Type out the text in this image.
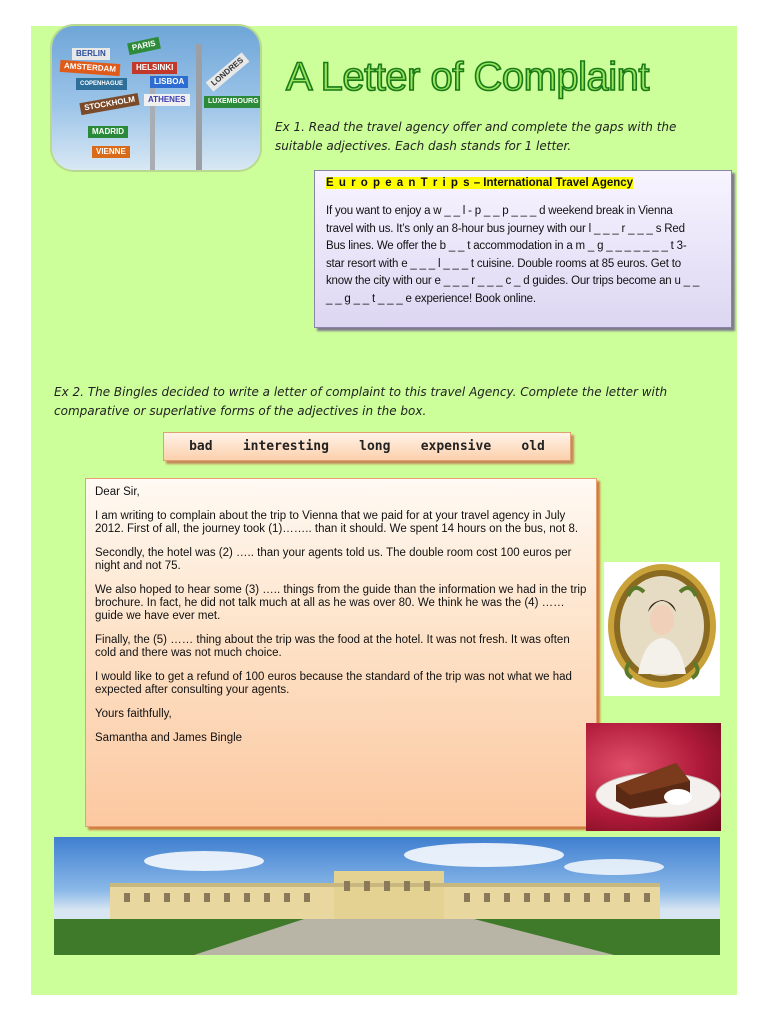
BERLIN
PARIS
AMSTERDAM	HELSINKI	LONDRES
COPENHAGUE	LISBOA
STOCKHOLM	ATHENES	LUXEMBOURG
MADRID
VIENNE
A Letter of Complaint
Ex 1. Read the travel agency offer and complete the gaps with the suitable adjectives. Each dash stands for 1 letter.
E u r o p e a n T r i p s – International Travel Agency
If you want to enjoy a w _ _ l - p _ _ p _ _ _ d weekend break in Vienna
travel with us. It’s only an 8-hour bus journey with our l _ _ _ r _ _ _ s Red
Bus lines. We offer the b _ _ t accommodation in a m _ g _ _ _ _ _ _ _ t 3-
star resort with e _ _ _ l _ _ _ t cuisine. Double rooms at 85 euros. Get to
know the city with our e _ _ _ r _ _ _ c _ d guides. Our trips become an u _ _
_ _ g _ _ t _ _ _ e experience! Book online.
Ex 2. The Bingles decided to write a letter of complaint to this travel Agency. Complete the letter with comparative or superlative forms of the adjectives in the box.
bad interesting long expensive old

Dear Sir,

I am writing to complain about the trip to Vienna that we paid for at your travel agency in July 2012. First of all, the journey took (1)…….. than it should. We spent 14 hours on the bus, not 8.

Secondly, the hotel was (2) ….. than your agents told us. The double room cost 100 euros per night and not 75.

We also hoped to hear some (3) ….. things from the guide than the information we had in the trip brochure. In fact, he did not talk much at all as he was over 80. We think he was the (4) …… guide we have ever met.

Finally, the (5) …… thing about the trip was the food at the hotel. It was not fresh. It was often cold and there was not much choice.

I would like to get a refund of 100 euros because the standard of the trip was not what we had expected after consulting your agents.

Yours faithfully,

Samantha and James Bingle
